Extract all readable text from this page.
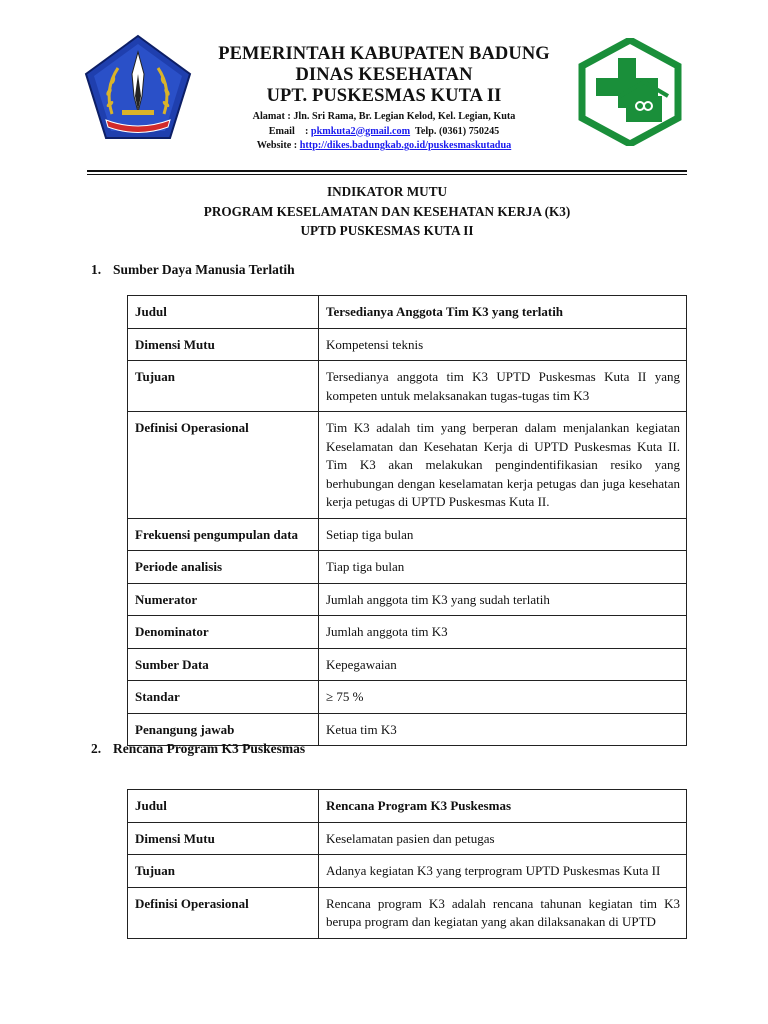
PEMERINTAH KABUPATEN BADUNG
DINAS KESEHATAN
UPT. PUSKESMAS KUTA II
Alamat : Jln. Sri Rama, Br. Legian Kelod, Kel. Legian, Kuta
Email    : pkmkuta2@gmail.com  Telp. (0361) 750245
Website : http://dikes.badungkab.go.id/puskesmaskutadua
INDIKATOR MUTU
PROGRAM KESELAMATAN DAN KESEHATAN KERJA (K3)
UPTD PUSKESMAS KUTA II
1. Sumber Daya Manusia Terlatih
Judul	Tersedianya Anggota Tim K3 yang terlatih
Dimensi Mutu	Kompetensi teknis
Tujuan	Tersedianya anggota tim K3 UPTD Puskesmas Kuta II yang kompeten untuk melaksanakan tugas-tugas tim K3
Definisi Operasional	Tim K3 adalah tim yang berperan dalam menjalankan kegiatan Keselamatan dan Kesehatan Kerja di UPTD Puskesmas Kuta II. Tim K3 akan melakukan pengindentifikasian resiko yang berhubungan dengan keselamatan kerja petugas dan juga kesehatan kerja petugas di UPTD Puskesmas Kuta II.
Frekuensi pengumpulan data	Setiap tiga bulan
Periode analisis	Tiap tiga bulan
Numerator	Jumlah anggota tim K3 yang sudah terlatih
Denominator	Jumlah anggota tim K3
Sumber Data	Kepegawaian
Standar	≥ 75 %
Penangung jawab	Ketua tim K3
2. Rencana Program K3 Puskesmas
Judul	Rencana Program K3 Puskesmas
Dimensi Mutu	Keselamatan pasien dan petugas
Tujuan	Adanya kegiatan K3 yang terprogram UPTD Puskesmas Kuta II
Definisi Operasional	Rencana program K3 adalah rencana tahunan kegiatan tim K3 berupa program dan kegiatan yang akan dilaksanakan di UPTD
